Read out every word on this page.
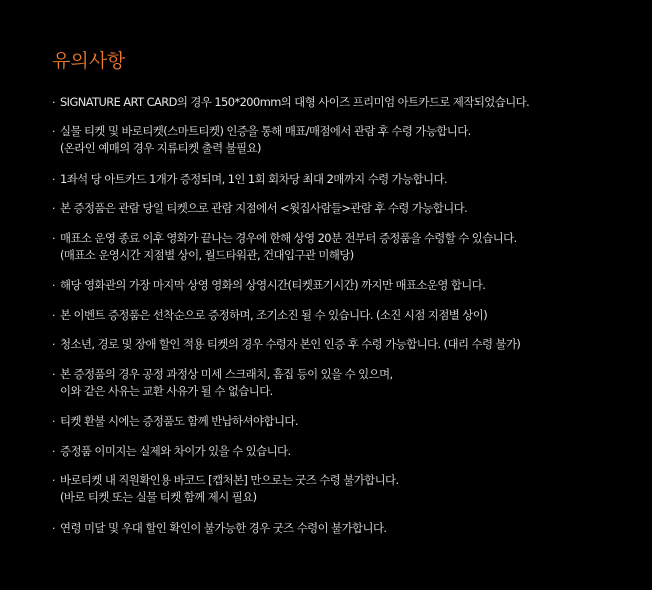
유의사항
· SIGNATURE ART CARD의 경우 150*200mm의 대형 사이즈 프리미엄 아트카드로 제작되었습니다.
· 실물 티켓 및 바로티켓(스마트티켓) 인증을 통해 매표/매점에서 관람 후 수령 가능합니다.
(온라인 예매의 경우 지류티켓 출력 불필요)
· 1좌석 당 아트카드 1개가 증정되며, 1인 1회 회차당 최대 2매까지 수령 가능합니다.
· 본 증정품은 관람 당일 티켓으로 관람 지점에서 <윗집사람들>관람 후 수령 가능합니다.
· 매표소 운영 종료 이후 영화가 끝나는 경우에 한해 상영 20분 전부터 증정품을 수령할 수 있습니다.
(매표소 운영시간 지점별 상이, 월드타워관, 건대입구관 미해당)
· 해당 영화관의 가장 마지막 상영 영화의 상영시간(티켓표기시간) 까지만 매표소운영 합니다.
· 본 이벤트 증정품은 선착순으로 증정하며, 조기소진 될 수 있습니다. (소진 시점 지점별 상이)
· 청소년, 경로 및 장애 할인 적용 티켓의 경우 수령자 본인 인증 후 수령 가능합니다. (대리 수령 불가)
· 본 증정품의 경우 공정 과정상 미세 스크래치, 흠집 등이 있을 수 있으며,
이와 같은 사유는 교환 사유가 될 수 없습니다.
· 티켓 환불 시에는 증정품도 함께 반납하셔야합니다.
· 증정품 이미지는 실제와 차이가 있을 수 있습니다.
· 바로티켓 내 직원확인용 바코드 [캡처본] 만으로는 굿즈 수령 불가합니다.
(바로 티켓 또는 실물 티켓 함께 제시 필요)
· 연령 미달 및 우대 할인 확인이 불가능한 경우 굿즈 수령이 불가합니다.
